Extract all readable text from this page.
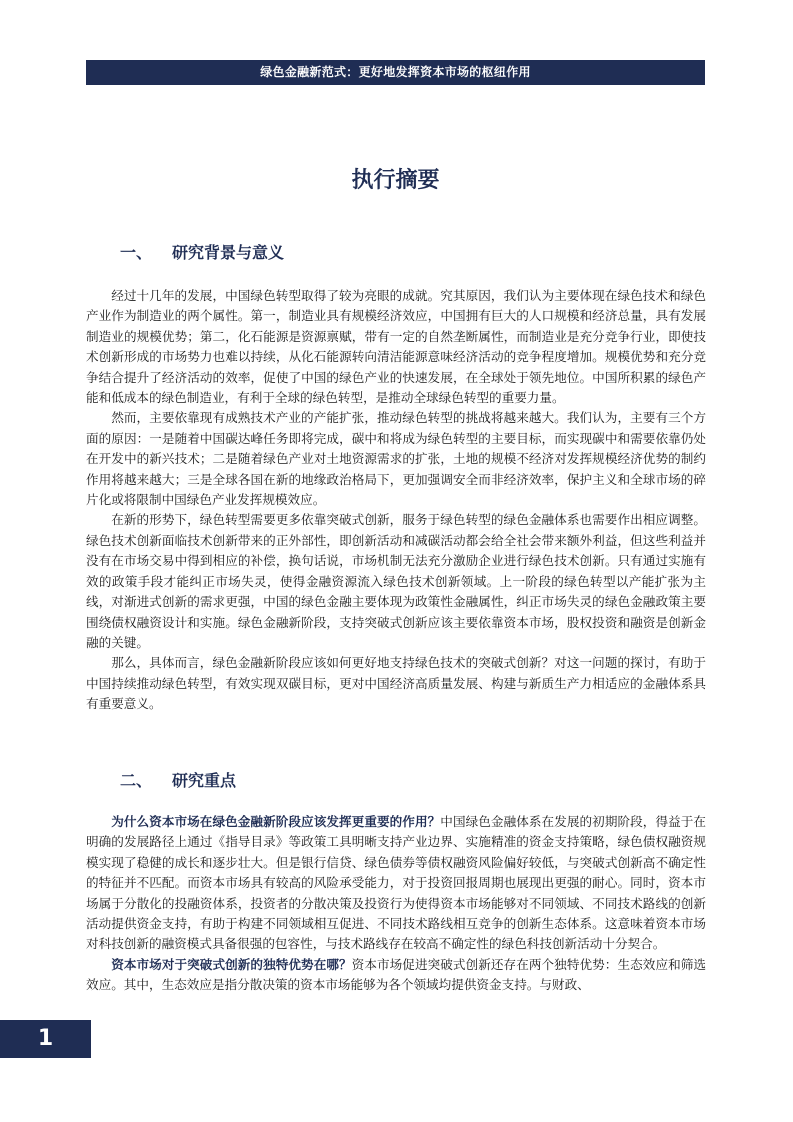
绿色金融新范式：更好地发挥资本市场的枢纽作用
执行摘要
一、 研究背景与意义

经过十几年的发展，中国绿色转型取得了较为亮眼的成就。究其原因，我们认为主要体现在绿色技术和绿色产业作为制造业的两个属性。第一，制造业具有规模经济效应，中国拥有巨大的人口规模和经济总量，具有发展制造业的规模优势；第二，化石能源是资源禀赋，带有一定的自然垄断属性，而制造业是充分竞争行业，即使技术创新形成的市场势力也难以持续，从化石能源转向清洁能源意味经济活动的竞争程度增加。规模优势和充分竞争结合提升了经济活动的效率，促使了中国的绿色产业的快速发展，在全球处于领先地位。中国所积累的绿色产能和低成本的绿色制造业，有利于全球的绿色转型，是推动全球绿色转型的重要力量。

然而，主要依靠现有成熟技术产业的产能扩张，推动绿色转型的挑战将越来越大。我们认为，主要有三个方面的原因：一是随着中国碳达峰任务即将完成，碳中和将成为绿色转型的主要目标，而实现碳中和需要依靠仍处在开发中的新兴技术；二是随着绿色产业对土地资源需求的扩张，土地的规模不经济对发挥规模经济优势的制约作用将越来越大；三是全球各国在新的地缘政治格局下，更加强调安全而非经济效率，保护主义和全球市场的碎片化或将限制中国绿色产业发挥规模效应。

在新的形势下，绿色转型需要更多依靠突破式创新，服务于绿色转型的绿色金融体系也需要作出相应调整。绿色技术创新面临技术创新带来的正外部性，即创新活动和减碳活动都会给全社会带来额外利益，但这些利益并没有在市场交易中得到相应的补偿，换句话说，市场机制无法充分激励企业进行绿色技术创新。只有通过实施有效的政策手段才能纠正市场失灵，使得金融资源流入绿色技术创新领域。上一阶段的绿色转型以产能扩张为主线，对渐进式创新的需求更强，中国的绿色金融主要体现为政策性金融属性，纠正市场失灵的绿色金融政策主要围绕债权融资设计和实施。绿色金融新阶段，支持突破式创新应该主要依靠资本市场，股权投资和融资是创新金融的关键。

那么，具体而言，绿色金融新阶段应该如何更好地支持绿色技术的突破式创新？对这一问题的探讨，有助于中国持续推动绿色转型，有效实现双碳目标，更对中国经济高质量发展、构建与新质生产力相适应的金融体系具有重要意义。

二、 研究重点

为什么资本市场在绿色金融新阶段应该发挥更重要的作用？中国绿色金融体系在发展的初期阶段，得益于在明确的发展路径上通过《指导目录》等政策工具明晰支持产业边界、实施精准的资金支持策略，绿色债权融资规模实现了稳健的成长和逐步壮大。但是银行信贷、绿色债券等债权融资风险偏好较低，与突破式创新高不确定性的特征并不匹配。而资本市场具有较高的风险承受能力，对于投资回报周期也展现出更强的耐心。同时，资本市场属于分散化的投融资体系，投资者的分散决策及投资行为使得资本市场能够对不同领域、不同技术路线的创新活动提供资金支持，有助于构建不同领域相互促进、不同技术路线相互竞争的创新生态体系。这意味着资本市场对科技创新的融资模式具备很强的包容性，与技术路线存在较高不确定性的绿色科技创新活动十分契合。

资本市场对于突破式创新的独特优势在哪？资本市场促进突破式创新还存在两个独特优势：生态效应和筛选效应。其中，生态效应是指分散决策的资本市场能够为各个领域均提供资金支持。与财政、

1
